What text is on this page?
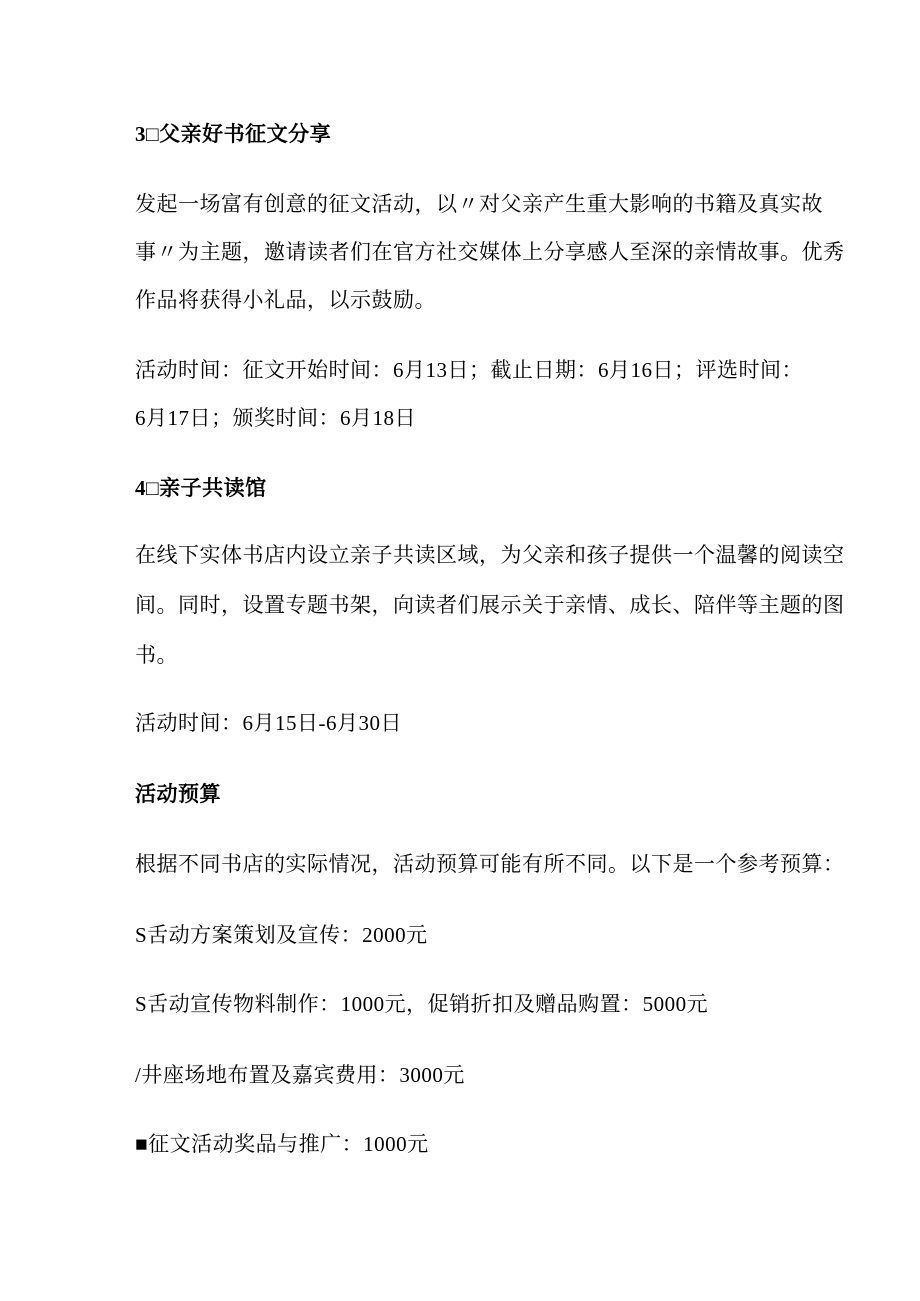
3□父亲好书征文分享
发起一场富有创意的征文活动，以〃对父亲产生重大影响的书籍及真实故
事〃为主题，邀请读者们在官方社交媒体上分享感人至深的亲情故事。优秀
作品将获得小礼品，以示鼓励。
活动时间：征文开始时间：6月13日；截止日期：6月16日；评选时间：
6月17日；颁奖时间：6月18日
4□亲子共读馆
在线下实体书店内设立亲子共读区域，为父亲和孩子提供一个温馨的阅读空
间。同时，设置专题书架，向读者们展示关于亲情、成长、陪伴等主题的图
书。
活动时间：6月15日-6月30日
活动预算
根据不同书店的实际情况，活动预算可能有所不同。以下是一个参考预算：
S舌动方案策划及宣传：2000元
S舌动宣传物料制作：1000元，促销折扣及赠品购置：5000元
/井座场地布置及嘉宾费用：3000元
■征文活动奖品与推广：1000元
